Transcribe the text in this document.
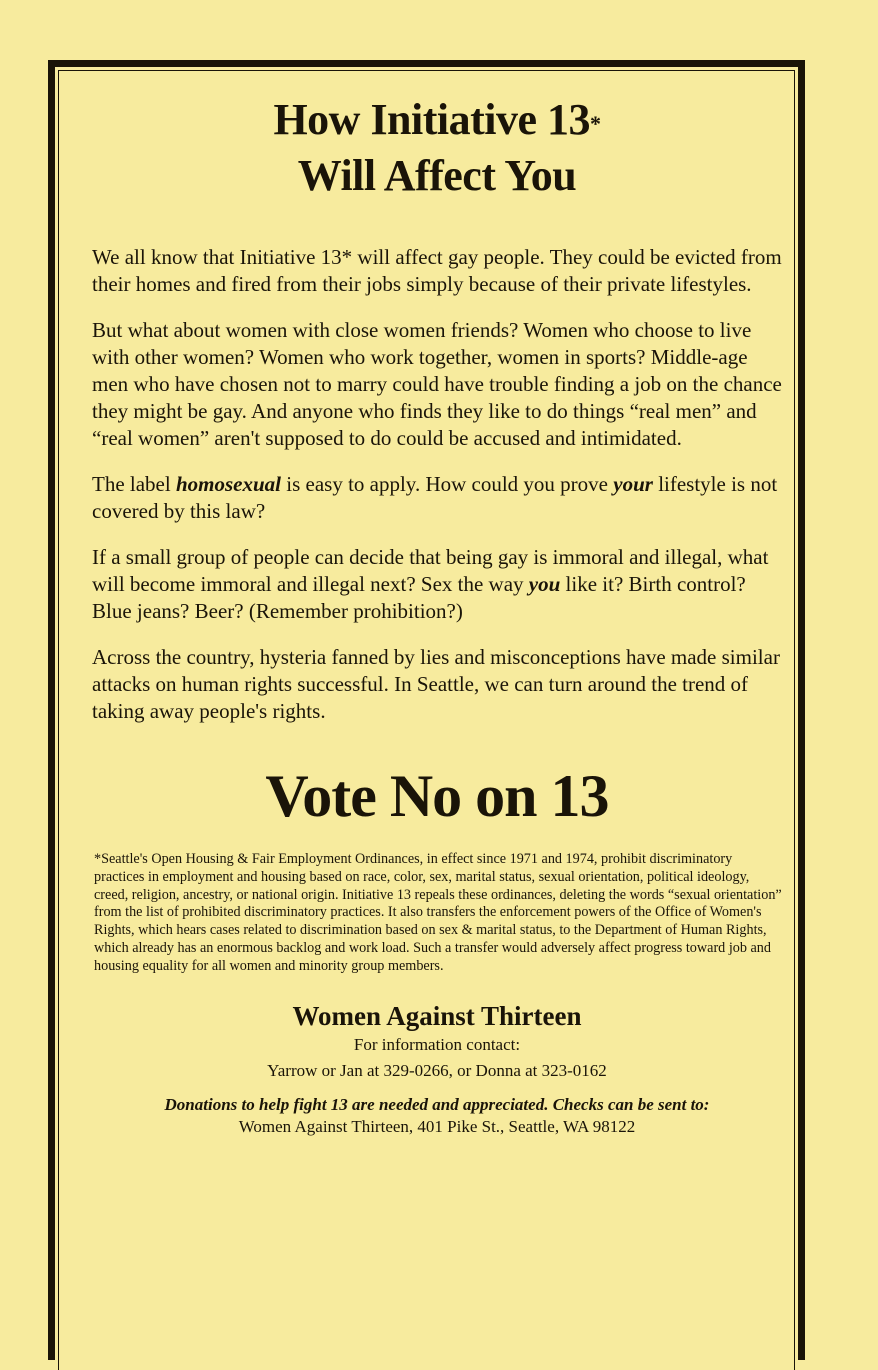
How Initiative 13*
Will Affect You

We all know that Initiative 13* will affect gay people. They could be evicted from their homes and fired from their jobs simply because of their private lifestyles.

But what about women with close women friends? Women who choose to live with other women? Women who work together, women in sports? Middle-age men who have chosen not to marry could have trouble finding a job on the chance they might be gay. And anyone who finds they like to do things “real men” and “real women” aren't supposed to do could be accused and intimidated.

The label homosexual is easy to apply. How could you prove your lifestyle is not covered by this law?

If a small group of people can decide that being gay is immoral and illegal, what will become immoral and illegal next? Sex the way you like it? Birth control? Blue jeans? Beer? (Remember prohibition?)

Across the country, hysteria fanned by lies and misconceptions have made similar attacks on human rights successful. In Seattle, we can turn around the trend of taking away people's rights.

Vote No on 13

*Seattle's Open Housing & Fair Employment Ordinances, in effect since 1971 and 1974, prohibit discriminatory practices in employment and housing based on race, color, sex, marital status, sexual orientation, political ideology, creed, religion, ancestry, or national origin. Initiative 13 repeals these ordinances, deleting the words “sexual orientation” from the list of prohibited discriminatory practices. It also transfers the enforcement powers of the Office of Women's Rights, which hears cases related to discrimination based on sex & marital status, to the Department of Human Rights, which already has an enormous backlog and work load. Such a transfer would adversely affect progress toward job and housing equality for all women and minority group members.

Women Against Thirteen
For information contact:
Yarrow or Jan at 329-0266, or Donna at 323-0162
Donations to help fight 13 are needed and appreciated. Checks can be sent to:
Women Against Thirteen, 401 Pike St., Seattle, WA 98122
